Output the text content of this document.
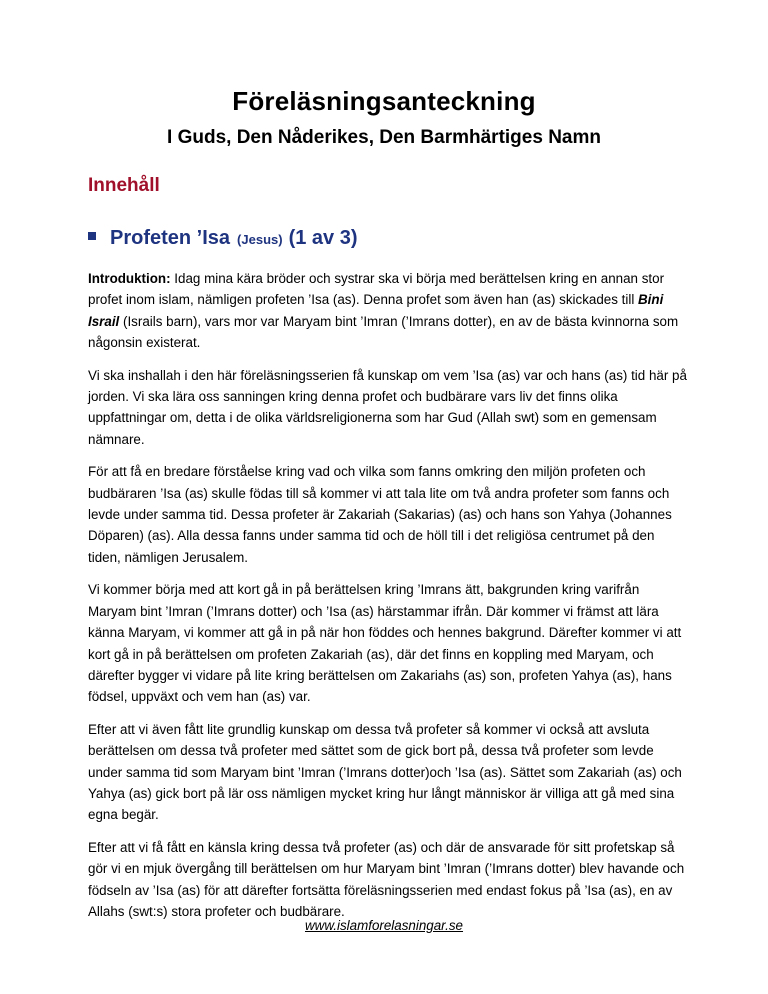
Föreläsningsanteckning
I Guds, Den Nåderikes, Den Barmhärtiges Namn
Innehåll
Profeten ’Isa (Jesus) (1 av 3)

Introduktion: Idag mina kära bröder och systrar ska vi börja med berättelsen kring en annan stor profet inom islam, nämligen profeten ’Isa (as). Denna profet som även han (as) skickades till Bini Israil (Israils barn), vars mor var Maryam bint ’Imran (’Imrans dotter), en av de bästa kvinnorna som någonsin existerat.

Vi ska inshallah i den här föreläsningsserien få kunskap om vem ’Isa (as) var och hans (as) tid här på jorden. Vi ska lära oss sanningen kring denna profet och budbärare vars liv det finns olika uppfattningar om, detta i de olika världsreligionerna som har Gud (Allah swt) som en gemensam nämnare.

För att få en bredare förståelse kring vad och vilka som fanns omkring den miljön profeten och budbäraren ’Isa (as) skulle födas till så kommer vi att tala lite om två andra profeter som fanns och levde under samma tid. Dessa profeter är Zakariah (Sakarias) (as) och hans son Yahya (Johannes Döparen) (as). Alla dessa fanns under samma tid och de höll till i det religiösa centrumet på den tiden, nämligen Jerusalem.

Vi kommer börja med att kort gå in på berättelsen kring ’Imrans ätt, bakgrunden kring varifrån Maryam bint ’Imran (’Imrans dotter) och ’Isa (as) härstammar ifrån. Där kommer vi främst att lära känna Maryam, vi kommer att gå in på när hon föddes och hennes bakgrund. Därefter kommer vi att kort gå in på berättelsen om profeten Zakariah (as), där det finns en koppling med Maryam, och därefter bygger vi vidare på lite kring berättelsen om Zakariahs (as) son, profeten Yahya (as), hans födsel, uppväxt och vem han (as) var.

Efter att vi även fått lite grundlig kunskap om dessa två profeter så kommer vi också att avsluta berättelsen om dessa två profeter med sättet som de gick bort på, dessa två profeter som levde under samma tid som Maryam bint ’Imran (’Imrans dotter)och ’Isa (as). Sättet som Zakariah (as) och Yahya (as) gick bort på lär oss nämligen mycket kring hur långt människor är villiga att gå med sina egna begär.

Efter att vi få fått en känsla kring dessa två profeter (as) och där de ansvarade för sitt profetskap så gör vi en mjuk övergång till berättelsen om hur Maryam bint ’Imran (’Imrans dotter) blev havande och födseln av ’Isa (as) för att därefter fortsätta föreläsningsserien med endast fokus på ’Isa (as), en av Allahs (swt:s) stora profeter och budbärare.

www.islamforelasningar.se
